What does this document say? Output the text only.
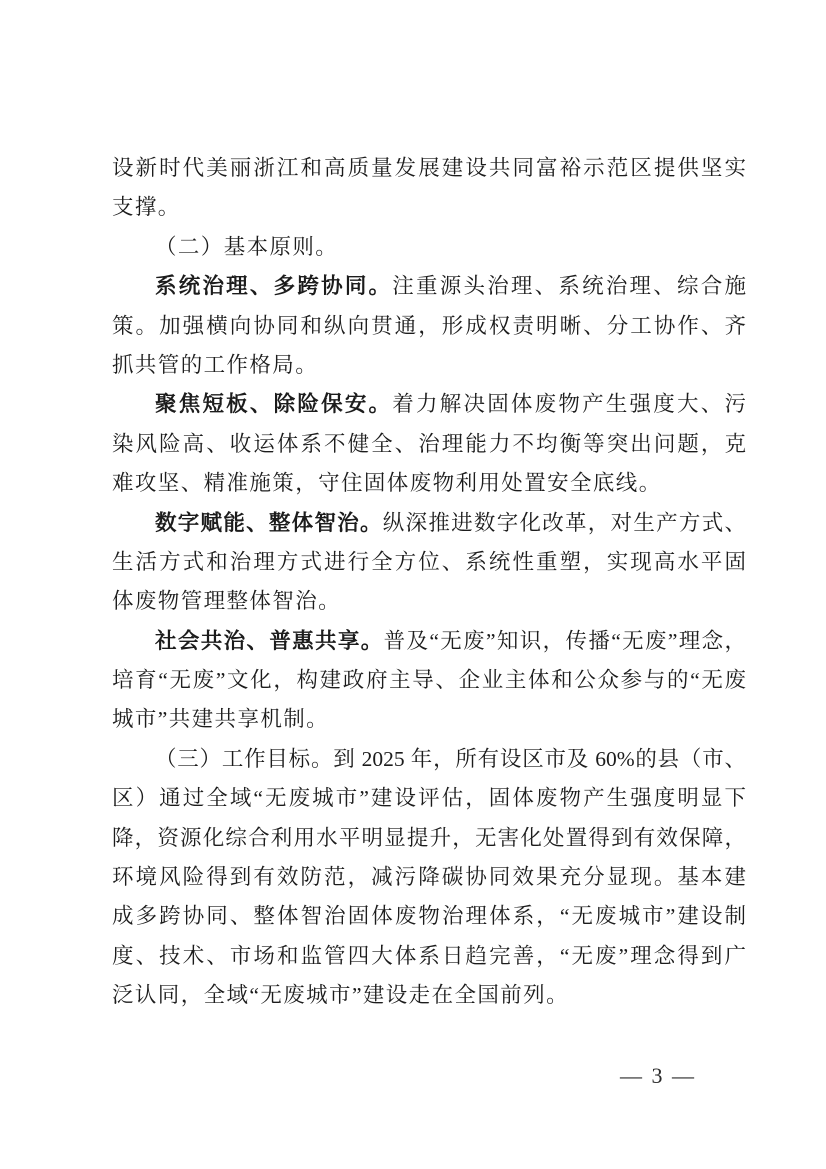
设新时代美丽浙江和高质量发展建设共同富裕示范区提供坚实
支撑。
（二）基本原则。
系统治理、多跨协同。注重源头治理、系统治理、综合施
策。加强横向协同和纵向贯通，形成权责明晰、分工协作、齐
抓共管的工作格局。
聚焦短板、除险保安。着力解决固体废物产生强度大、污
染风险高、收运体系不健全、治理能力不均衡等突出问题，克
难攻坚、精准施策，守住固体废物利用处置安全底线。
数字赋能、整体智治。纵深推进数字化改革，对生产方式、
生活方式和治理方式进行全方位、系统性重塑，实现高水平固
体废物管理整体智治。
社会共治、普惠共享。普及“无废”知识，传播“无废”理念，
培育“无废”文化，构建政府主导、企业主体和公众参与的“无废
城市”共建共享机制。
（三）工作目标。到 2025 年，所有设区市及 60%的县（市、
区）通过全域“无废城市”建设评估，固体废物产生强度明显下
降，资源化综合利用水平明显提升，无害化处置得到有效保障，
环境风险得到有效防范，减污降碳协同效果充分显现。基本建
成多跨协同、整体智治固体废物治理体系，“无废城市”建设制
度、技术、市场和监管四大体系日趋完善，“无废”理念得到广
泛认同，全域“无废城市”建设走在全国前列。
— 3 —
